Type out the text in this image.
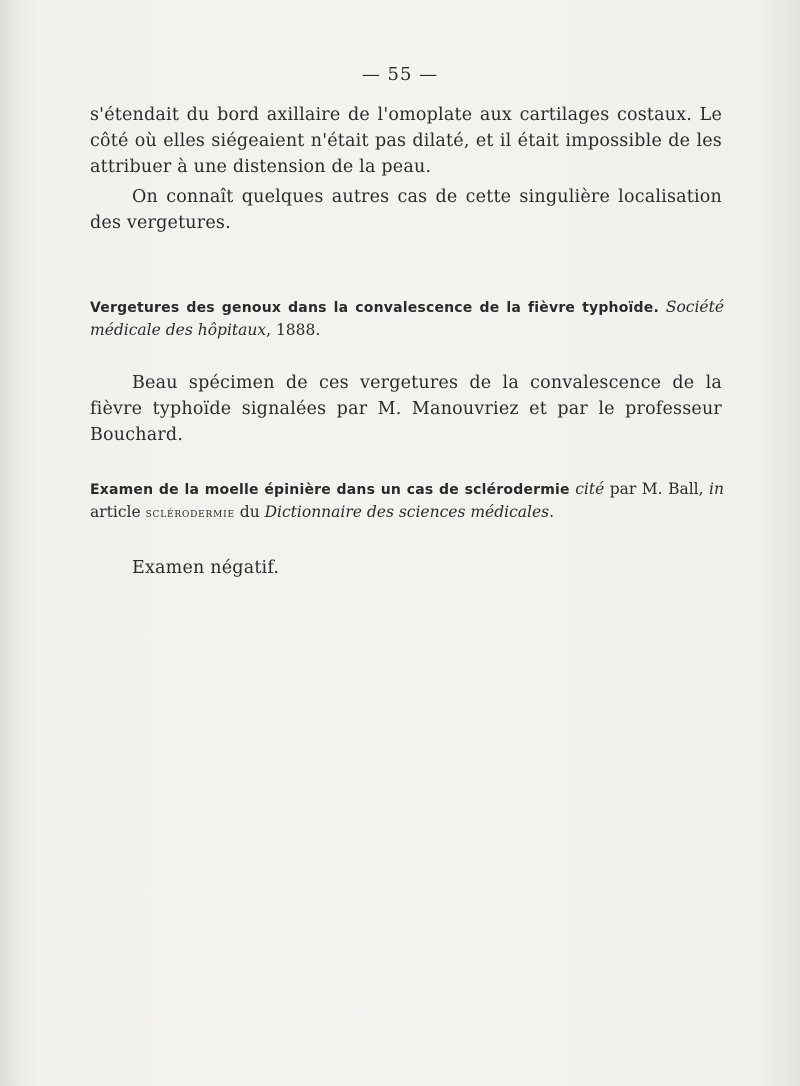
— 55 —
s'étendait du bord axillaire de l'omoplate aux cartilages costaux. Le côté où elles siégeaient n'était pas dilaté, et il était impossible de les attribuer à une distension de la peau.
On connaît quelques autres cas de cette singulière localisation des vergetures.
Vergetures des genoux dans la convalescence de la fièvre typhoïde. Société médicale des hôpitaux, 1888.
Beau spécimen de ces vergetures de la convalescence de la fièvre typhoïde signalées par M. Manouvriez et par le professeur Bouchard.
Examen de la moelle épinière dans un cas de sclérodermie cité par M. Ball, in article sclérodermie du Dictionnaire des sciences médicales.
Examen négatif.
